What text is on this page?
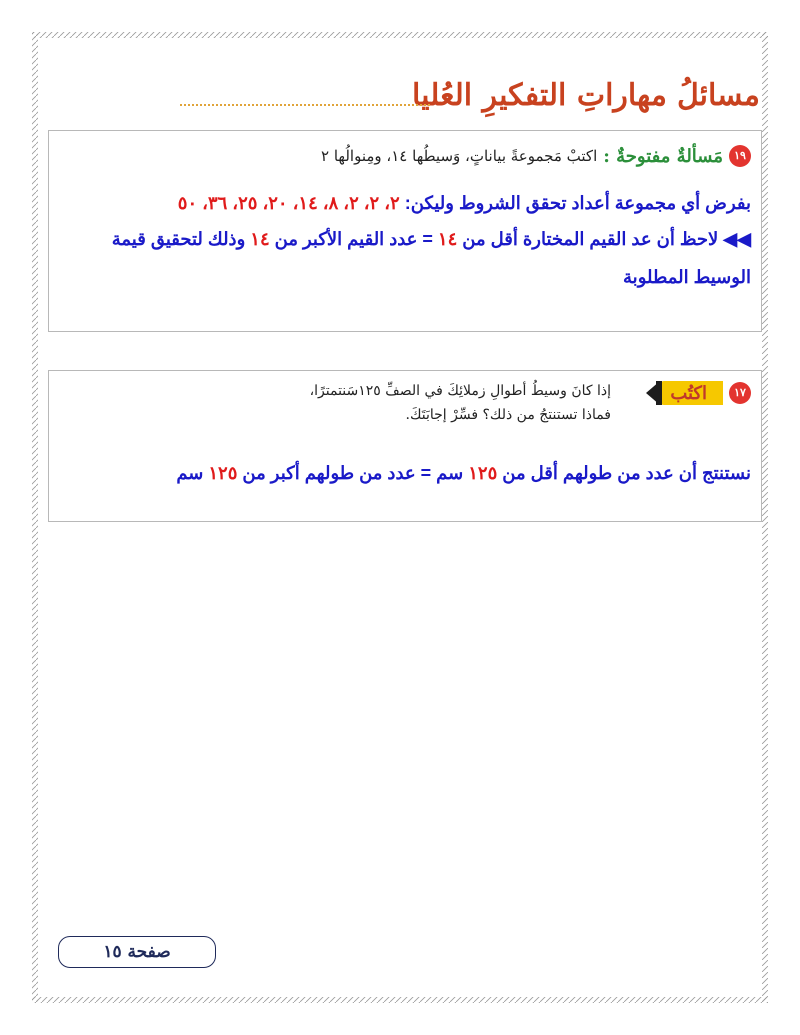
مسائلُ
مهاراتِ التفكيرِ العُليا
١٩
مَسألةٌ مفتوحةٌ :
اكتبْ مَجموعةً بياناتٍ، وَسيطُها ١٤، ومِنوالُها ٢
بفرض أي مجموعة أعداد تحقق الشروط وليكن: ٢، ٢، ٢، ٨، ١٤، ٢٠، ٢٥، ٣٦، ٥٠
◀◀ لاحظ أن عد القيم المختارة أقل من ١٤ = عدد القيم الأكبر من ١٤ وذلك لتحقيق قيمة
الوسيط المطلوبة
١٧
اكتُب
إذا كانَ وسيطُ أطوالِ زملائِكَ في الصفِّ ١٢٥سَنتمترًا،
فماذا تستنتجُ من ذلك؟ فسِّرْ إجابَتَكَ.
نستنتج أن عدد من طولهم أقل من ١٢٥ سم = عدد من طولهم أكبر من ١٢٥ سم
صفحة ١٥
